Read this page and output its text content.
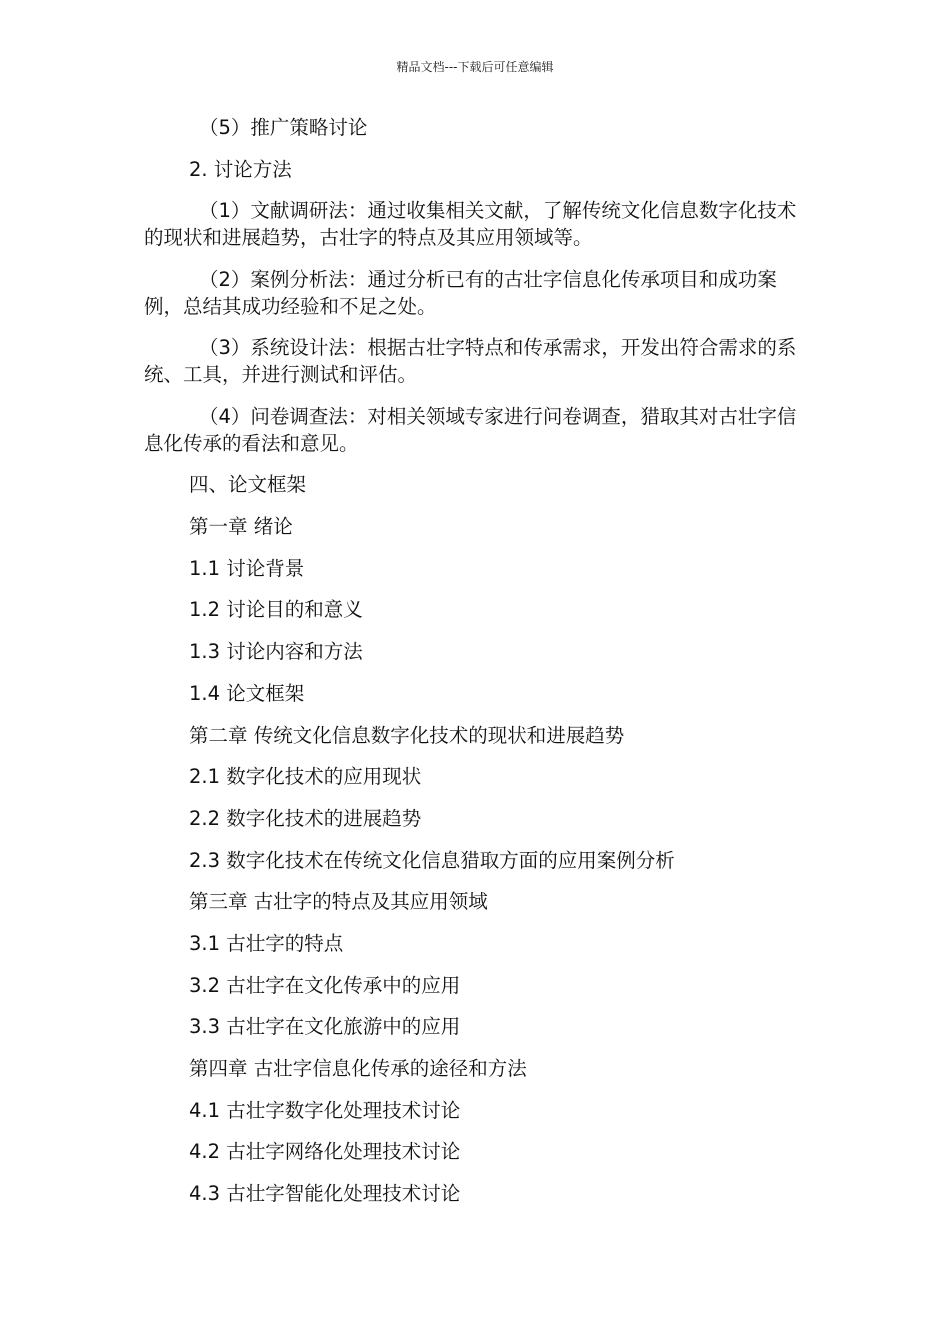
精品文档---下载后可任意编辑

（5）推广策略讨论

2. 讨论方法

（1）文献调研法：通过收集相关文献，了解传统文化信息数字化技术的现状和进展趋势，古壮字的特点及其应用领域等。

（2）案例分析法：通过分析已有的古壮字信息化传承项目和成功案例，总结其成功经验和不足之处。

（3）系统设计法：根据古壮字特点和传承需求，开发出符合需求的系统、工具，并进行测试和评估。

（4）问卷调查法：对相关领域专家进行问卷调查，猎取其对古壮字信息化传承的看法和意见。

四、论文框架

第一章 绪论

1.1 讨论背景

1.2 讨论目的和意义

1.3 讨论内容和方法

1.4 论文框架

第二章 传统文化信息数字化技术的现状和进展趋势

2.1 数字化技术的应用现状

2.2 数字化技术的进展趋势

2.3 数字化技术在传统文化信息猎取方面的应用案例分析

第三章 古壮字的特点及其应用领域

3.1 古壮字的特点

3.2 古壮字在文化传承中的应用

3.3 古壮字在文化旅游中的应用

第四章 古壮字信息化传承的途径和方法

4.1 古壮字数字化处理技术讨论

4.2 古壮字网络化处理技术讨论

4.3 古壮字智能化处理技术讨论
